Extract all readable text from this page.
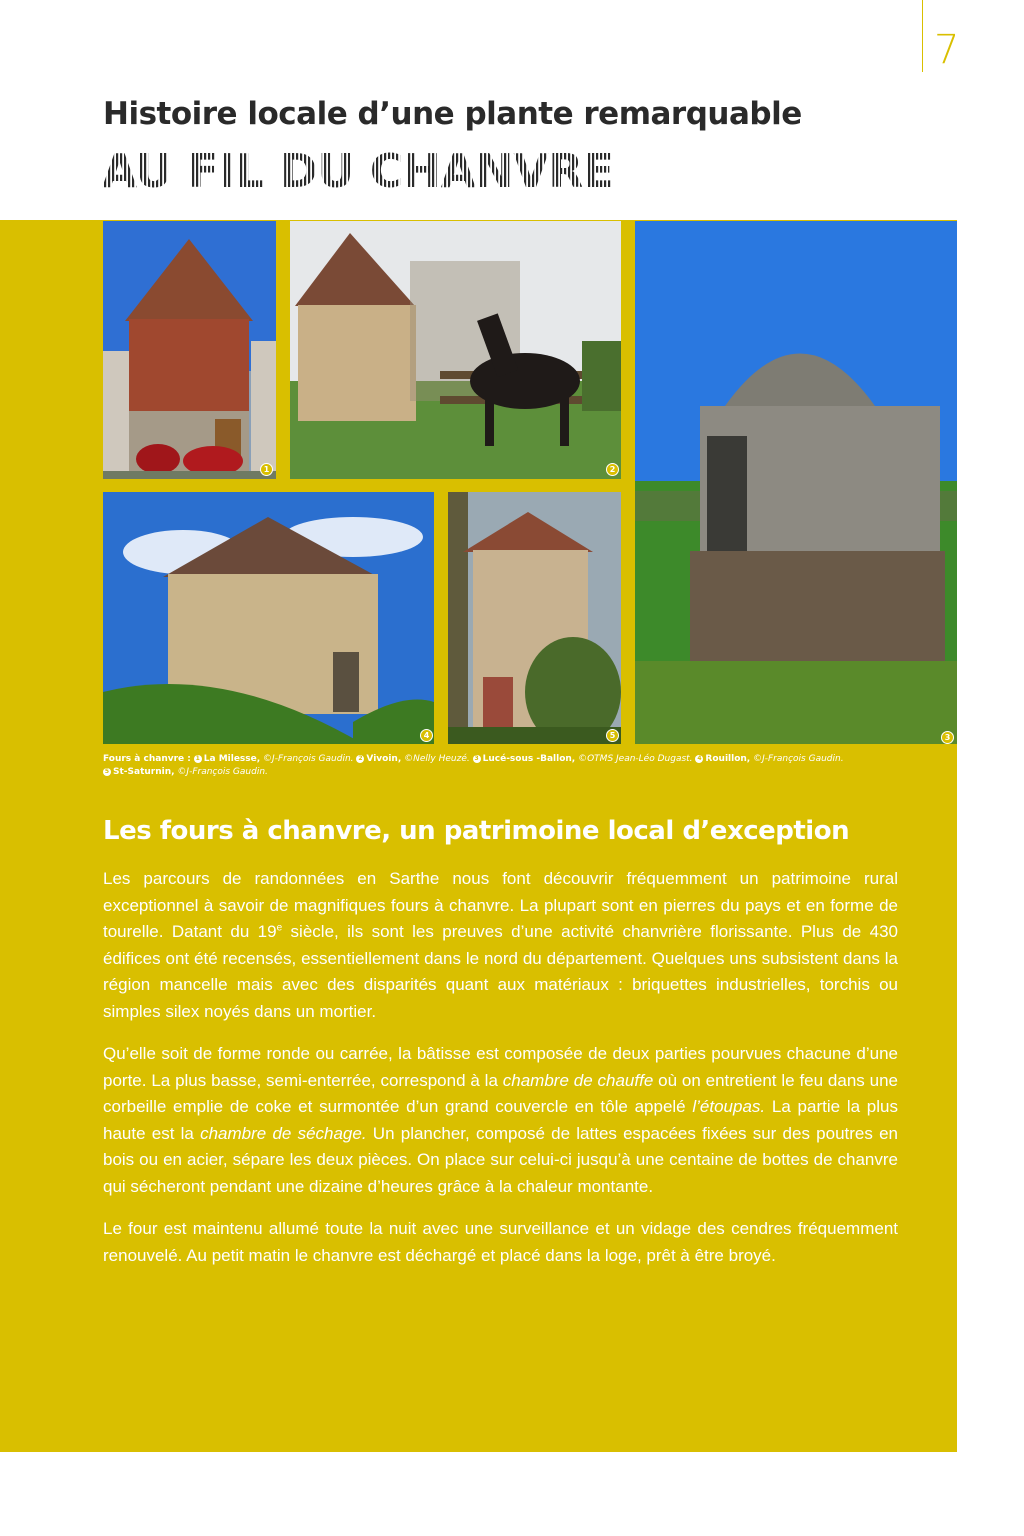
7
Histoire locale d’une plante remarquable
AU FIL DU CHANVRE
1	2
3
4	5
Fours à chanvre : 1 La Milesse, ©J-François Gaudin. 2 Vivoin, ©Nelly Heuzé. 3 Lucé-sous -Ballon, ©OTMS Jean-Léo Dugast. 4 Rouillon, ©J-François Gaudin.
5 St-Saturnin, ©J-François Gaudin.
Les fours à chanvre, un patrimoine local d’exception

Les parcours de randonnées en Sarthe nous font découvrir fréquemment un patrimoine rural exceptionnel à savoir de magnifiques fours à chanvre. La plupart sont en pierres du pays et en forme de tourelle. Datant du 19e siècle, ils sont les preuves d’une activité chanvrière florissante. Plus de 430 édifices ont été recensés, essentiellement dans le nord du département. Quelques uns subsistent dans la région mancelle mais avec des disparités quant aux matériaux : briquettes industrielles, torchis ou simples silex noyés dans un mortier.

Qu’elle soit de forme ronde ou carrée, la bâtisse est composée de deux parties pourvues chacune d’une porte. La plus basse, semi-enterrée, correspond à la chambre de chauffe où on entretient le feu dans une corbeille emplie de coke et surmontée d’un grand couvercle en tôle appelé l’étoupas. La partie la plus haute est la chambre de séchage. Un plancher, composé de lattes espacées fixées sur des poutres en bois ou en acier, sépare les deux pièces. On place sur celui-ci jusqu’à une centaine de bottes de chanvre qui sécheront pendant une dizaine d’heures grâce à la chaleur montante.

Le four est maintenu allumé toute la nuit avec une surveillance et un vidage des cendres fréquemment renouvelé. Au petit matin le chanvre est déchargé et placé dans la loge, prêt à être broyé.
